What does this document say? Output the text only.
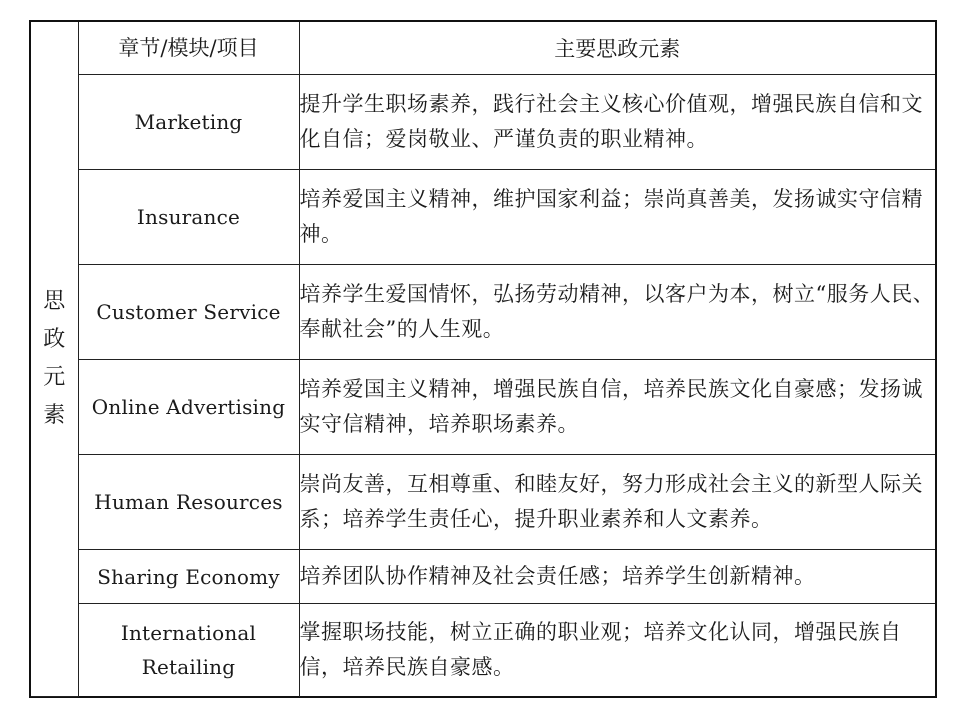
思
政
元
素	章节/模块/项目	主要思政元素
	Marketing	提升学生职场素养，践行社会主义核心价值观，增强民族自信和文化自信；爱岗敬业、严谨负责的职业精神。
	Insurance	培养爱国主义精神，维护国家利益；崇尚真善美，发扬诚实守信精神。
	Customer Service	培养学生爱国情怀，弘扬劳动精神，以客户为本，树立“服务人民、奉献社会”的人生观。
	Online Advertising	培养爱国主义精神，增强民族自信，培养民族文化自豪感；发扬诚实守信精神，培养职场素养。
	Human Resources	崇尚友善，互相尊重、和睦友好，努力形成社会主义的新型人际关系；培养学生责任心，提升职业素养和人文素养。
	Sharing Economy	培养团队协作精神及社会责任感；培养学生创新精神。
	International Retailing	掌握职场技能，树立正确的职业观；培养文化认同，增强民族自信，培养民族自豪感。
